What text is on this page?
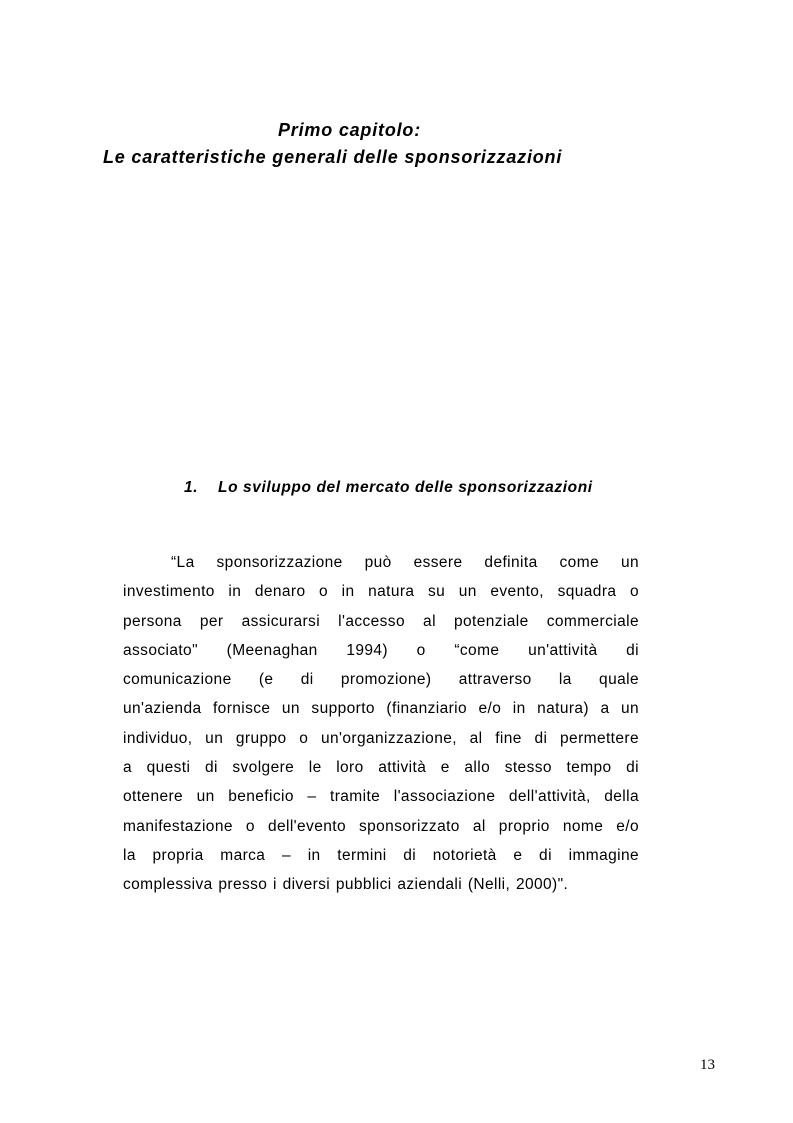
Primo capitolo:
Le caratteristiche generali delle sponsorizzazioni
1. Lo sviluppo del mercato delle sponsorizzazioni
“La sponsorizzazione può essere definita come un
investimento in denaro o in natura su un evento, squadra o
persona per assicurarsi l'accesso al potenziale commerciale
associato" (Meenaghan 1994) o “come un'attività di
comunicazione (e di promozione) attraverso la quale
un'azienda fornisce un supporto (finanziario e/o in natura) a un
individuo, un gruppo o un'organizzazione, al fine di permettere
a questi di svolgere le loro attività e allo stesso tempo di
ottenere un beneficio – tramite l'associazione dell'attività, della
manifestazione o dell'evento sponsorizzato al proprio nome e/o
la propria marca – in termini di notorietà e di immagine
complessiva presso i diversi pubblici aziendali (Nelli, 2000)".
13
